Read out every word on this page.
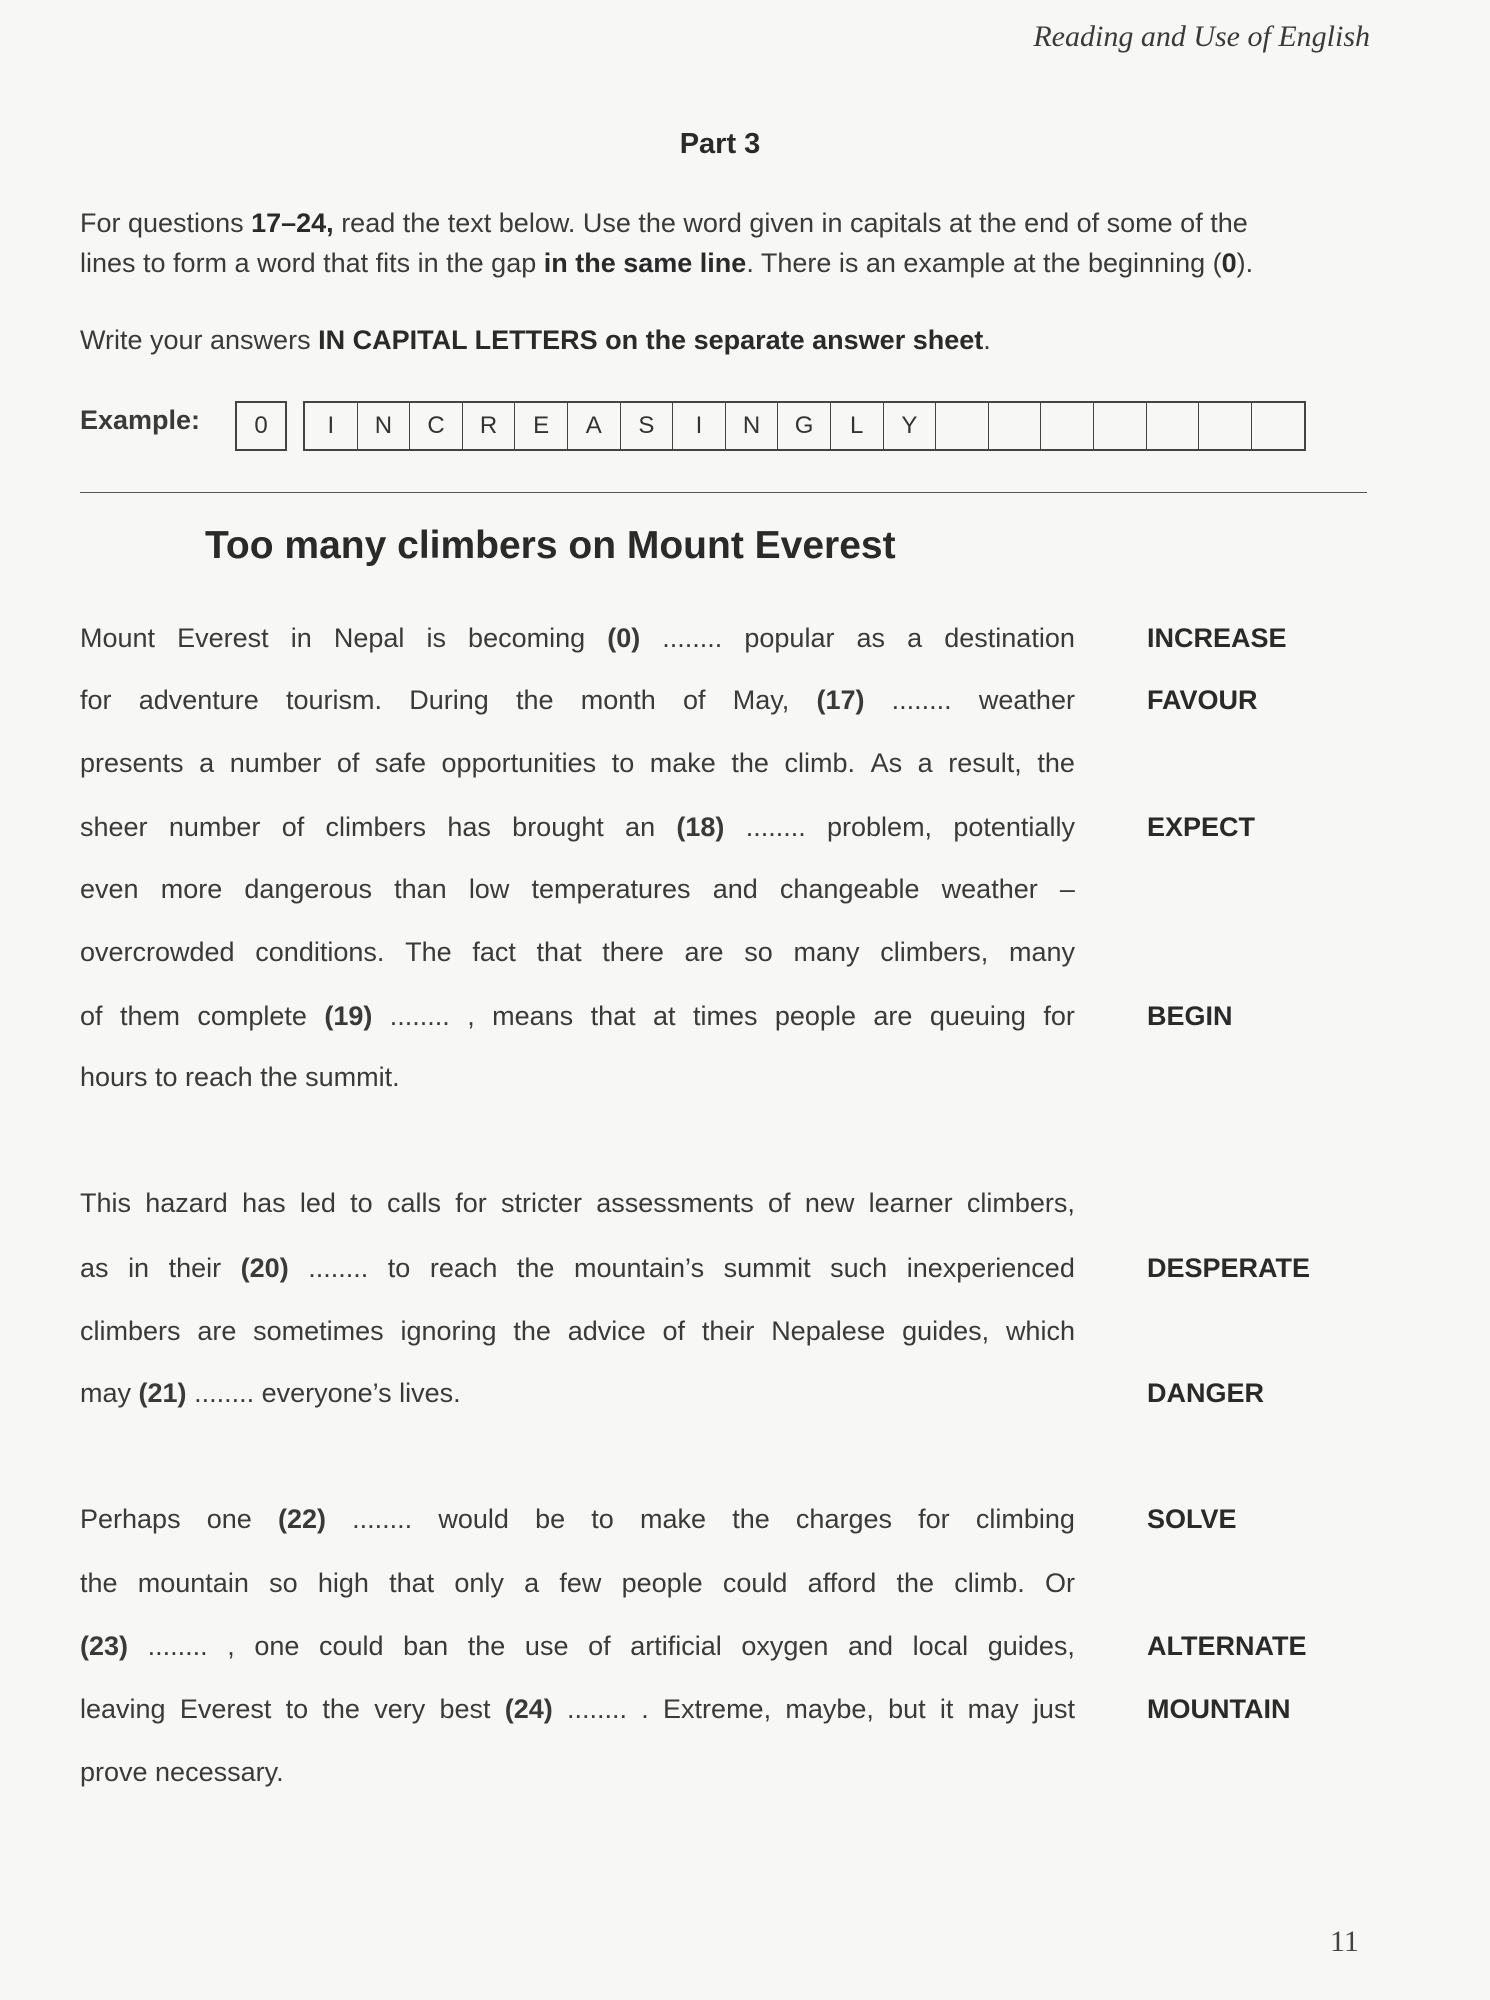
Reading and Use of English
Part 3
For questions 17–24, read the text below. Use the word given in capitals at the end of some of the
lines to form a word that fits in the gap in the same line. There is an example at the beginning (0).
Write your answers IN CAPITAL LETTERS on the separate answer sheet.
Example:	0	I	N	C	R	E	A	S	I	N	G	L	Y
Too many climbers on Mount Everest
Mount Everest in Nepal is becoming (0) ........ popular as a destination	INCREASE
for adventure tourism. During the month of May, (17) ........ weather	FAVOUR
presents a number of safe opportunities to make the climb. As a result, the
sheer number of climbers has brought an (18) ........ problem, potentially	EXPECT
even more dangerous than low temperatures and changeable weather –
overcrowded conditions. The fact that there are so many climbers, many
of them complete (19) ........ , means that at times people are queuing for	BEGIN
hours to reach the summit.
This hazard has led to calls for stricter assessments of new learner climbers,
as in their (20) ........ to reach the mountain’s summit such inexperienced	DESPERATE
climbers are sometimes ignoring the advice of their Nepalese guides, which
may (21) ........ everyone’s lives.	DANGER
Perhaps one (22) ........ would be to make the charges for climbing	SOLVE
the mountain so high that only a few people could afford the climb. Or
(23) ........ , one could ban the use of artificial oxygen and local guides,	ALTERNATE
leaving Everest to the very best (24) ........ . Extreme, maybe, but it may just	MOUNTAIN
prove necessary.
11
